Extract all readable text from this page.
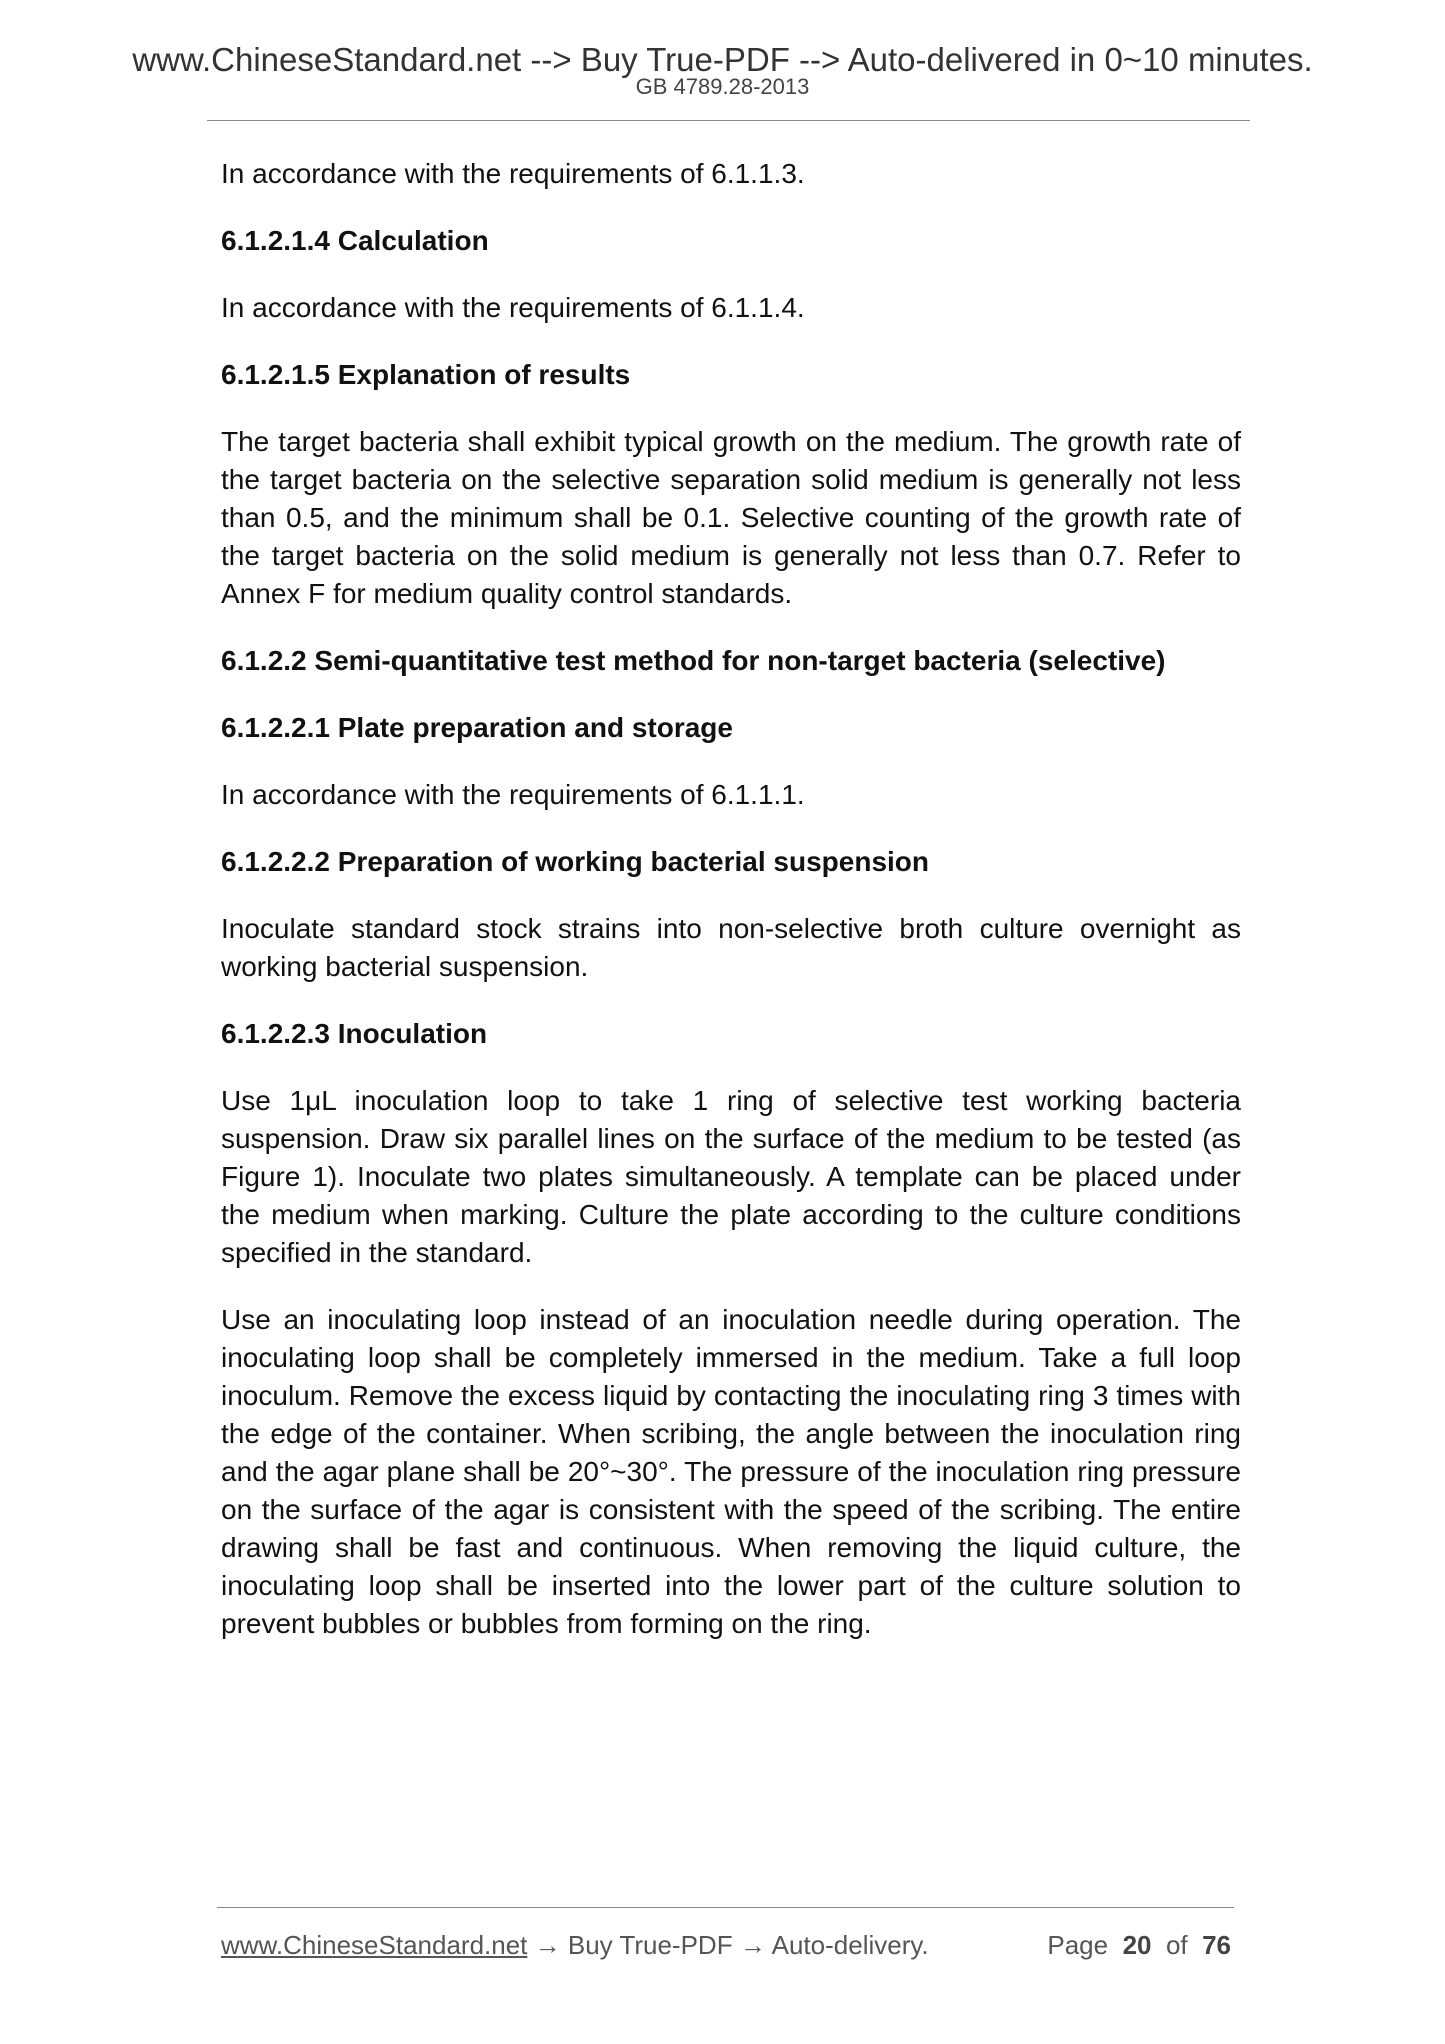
www.ChineseStandard.net --> Buy True-PDF --> Auto-delivered in 0~10 minutes.
GB 4789.28-2013

In accordance with the requirements of 6.1.1.3.

6.1.2.1.4 Calculation

In accordance with the requirements of 6.1.1.4.

6.1.2.1.5 Explanation of results

The target bacteria shall exhibit typical growth on the medium. The growth rate of the target bacteria on the selective separation solid medium is generally not less than 0.5, and the minimum shall be 0.1. Selective counting of the growth rate of the target bacteria on the solid medium is generally not less than 0.7. Refer to Annex F for medium quality control standards.

6.1.2.2 Semi-quantitative test method for non-target bacteria (selective)
6.1.2.2.1 Plate preparation and storage

In accordance with the requirements of 6.1.1.1.

6.1.2.2.2 Preparation of working bacterial suspension

Inoculate standard stock strains into non-selective broth culture overnight as working bacterial suspension.

6.1.2.2.3 Inoculation

Use 1μL inoculation loop to take 1 ring of selective test working bacteria suspension. Draw six parallel lines on the surface of the medium to be tested (as Figure 1). Inoculate two plates simultaneously. A template can be placed under the medium when marking. Culture the plate according to the culture conditions specified in the standard.

Use an inoculating loop instead of an inoculation needle during operation. The inoculating loop shall be completely immersed in the medium. Take a full loop inoculum. Remove the excess liquid by contacting the inoculating ring 3 times with the edge of the container. When scribing, the angle between the inoculation ring and the agar plane shall be 20°~30°. The pressure of the inoculation ring pressure on the surface of the agar is consistent with the speed of the scribing. The entire drawing shall be fast and continuous. When removing the liquid culture, the inoculating loop shall be inserted into the lower part of the culture solution to prevent bubbles or bubbles from forming on the ring.

www.ChineseStandard.net → Buy True-PDF → Auto-delivery.	Page 20 of 76
